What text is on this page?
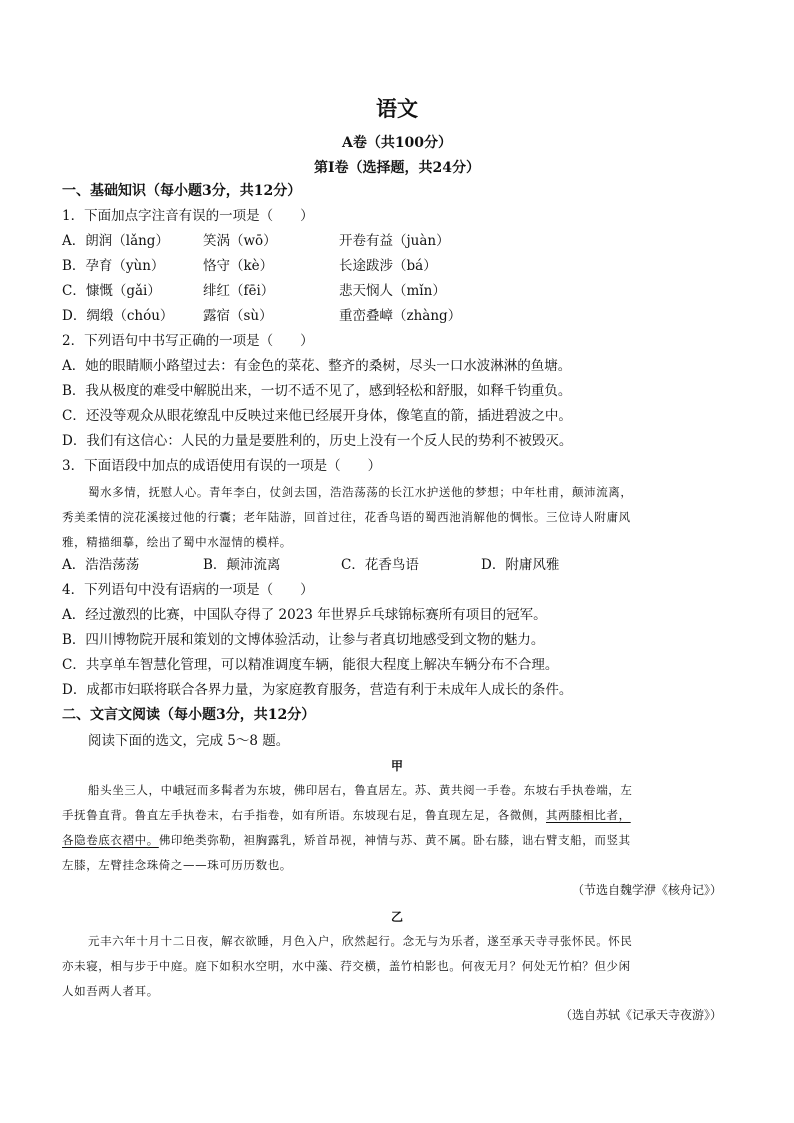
语文
A卷（共100分）
第Ⅰ卷（选择题，共24分）
一、基础知识（每小题3分，共12分）
1．下面加点字注音有误的一项是（　　）
A．朗润（lǎng）	笑涡（wō）	开卷有益（juàn）
B．孕育（yùn）	恪守（kè）	长途跋涉（bá）
C．慷慨（gǎi）	绯红（fēi）	悲天悯人（mǐn）
D．绸缎（chóu） 露宿（sù）	重峦叠嶂（zhàng）
2．下列语句中书写正确的一项是（　　）
A．她的眼睛顺小路望过去：有金色的菜花、整齐的桑树，尽头一口水波淋淋的鱼塘。
B．我从极度的难受中解脱出来，一切不适不见了，感到轻松和舒服，如释千钧重负。
C．还没等观众从眼花缭乱中反映过来他已经展开身体，像笔直的箭，插进碧波之中。
D．我们有这信心：人民的力量是要胜利的，历史上没有一个反人民的势利不被毁灭。
3．下面语段中加点的成语使用有误的一项是（　　）
蜀水多情，抚慰人心。青年李白，仗剑去国，浩浩荡荡的长江水护送他的梦想；中年杜甫，颠沛流离，
秀美柔情的浣花溪接过他的行囊；老年陆游，回首过往，花香鸟语的蜀西池消解他的惆怅。三位诗人附庸风
雅，精描细摹，绘出了蜀中水湿情的模样。
A．浩浩荡荡	B．颠沛流离	C．花香鸟语	D．附庸风雅
4．下列语句中没有语病的一项是（　　）
A．经过激烈的比赛，中国队夺得了 2023 年世界乒乓球锦标赛所有项目的冠军。
B．四川博物院开展和策划的文博体验活动，让参与者真切地感受到文物的魅力。
C．共享单车智慧化管理，可以精准调度车辆，能很大程度上解决车辆分布不合理。
D．成都市妇联将联合各界力量，为家庭教育服务，营造有利于未成年人成长的条件。
二、文言文阅读（每小题3分，共12分）
阅读下面的选文，完成 5～8 题。
甲
船头坐三人，中峨冠而多髯者为东坡，佛印居右，鲁直居左。苏、黄共阅一手卷。东坡右手执卷端，左
手抚鲁直背。鲁直左手执卷末，右手指卷，如有所语。东坡现右足，鲁直现左足，各微侧，其两膝相比者，
各隐卷底衣褶中。佛印绝类弥勒，袒胸露乳，矫首昂视，神情与苏、黄不属。卧右膝，诎右臂支船，而竖其
左膝，左臂挂念珠倚之——珠可历历数也。
（节选自魏学洢《核舟记》）
乙
元丰六年十月十二日夜，解衣欲睡，月色入户，欣然起行。念无与为乐者，遂至承天寺寻张怀民。怀民
亦未寝，相与步于中庭。庭下如积水空明，水中藻、荇交横，盖竹柏影也。何夜无月？何处无竹柏？但少闲
人如吾两人者耳。
（选自苏轼《记承天寺夜游》）
